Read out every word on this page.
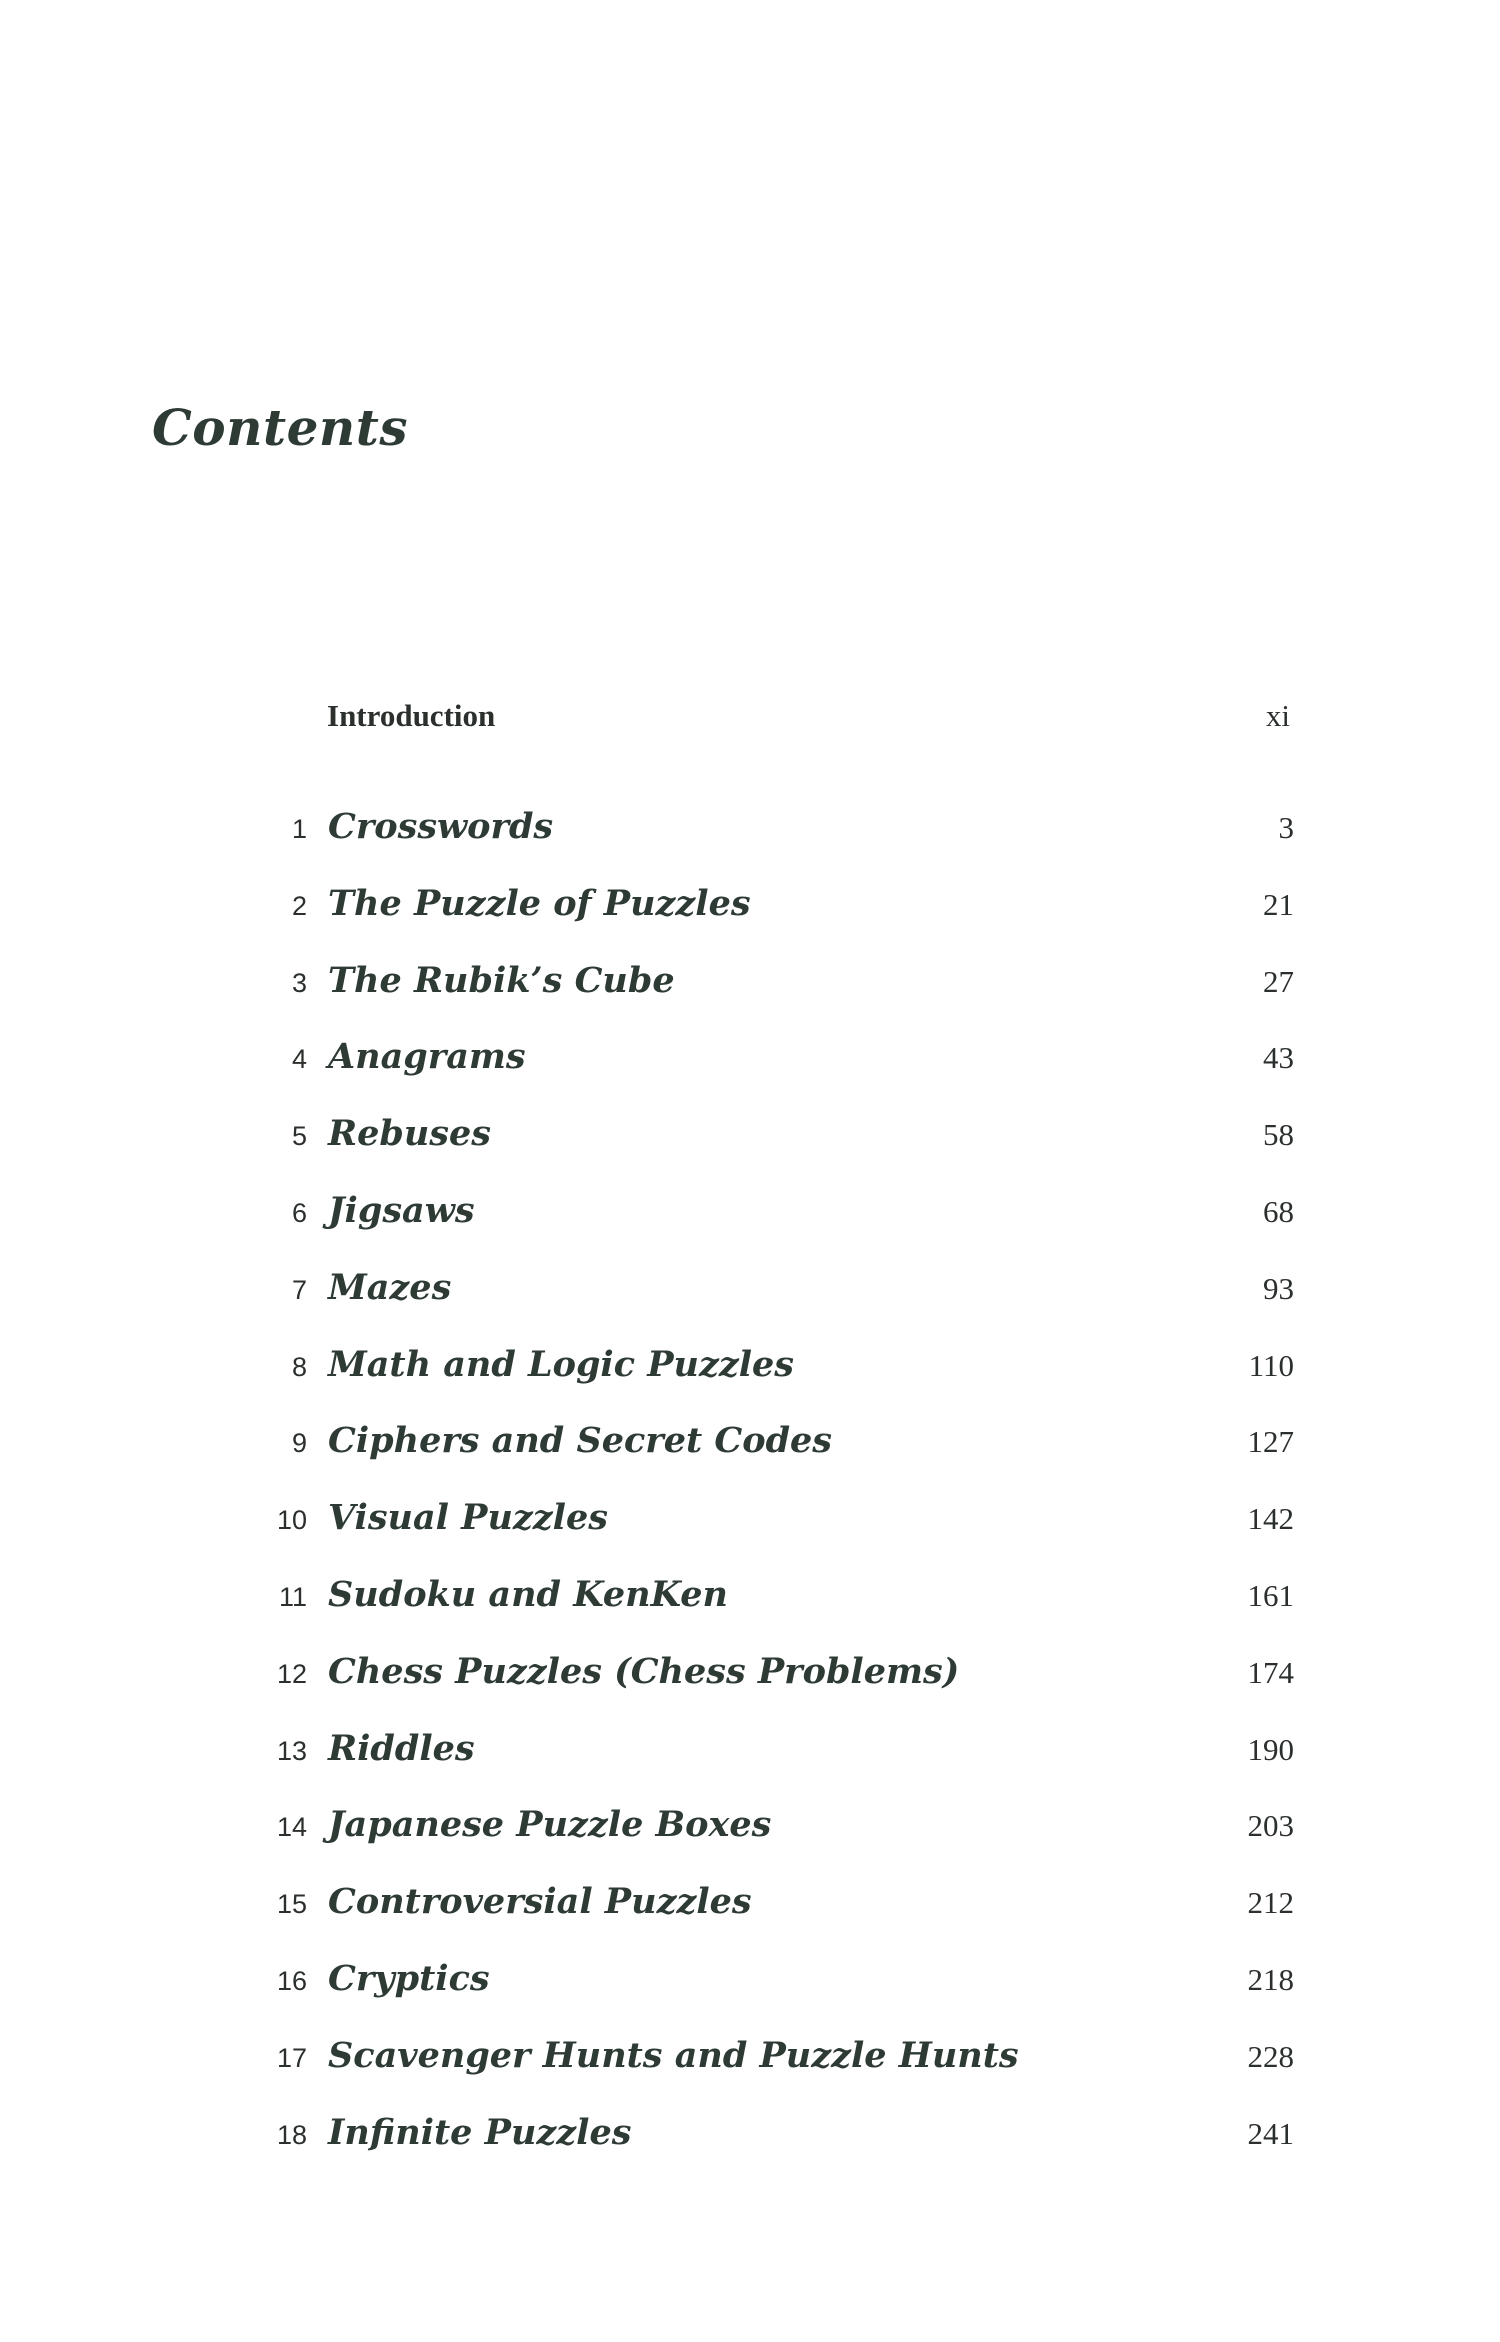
Contents
Introduction	xi
1 Crosswords	3
2 The Puzzle of Puzzles	21
3 The Rubik’s Cube	27
4 Anagrams	43
5 Rebuses	58
6 Jigsaws	68
7 Mazes	93
8 Math and Logic Puzzles	110
9 Ciphers and Secret Codes	127
10 Visual Puzzles	142
11 Sudoku and KenKen	161
12 Chess Puzzles (Chess Problems)	174
13 Riddles	190
14 Japanese Puzzle Boxes	203
15 Controversial Puzzles	212
16 Cryptics	218
17 Scavenger Hunts and Puzzle Hunts	228
18 Infinite Puzzles	241
